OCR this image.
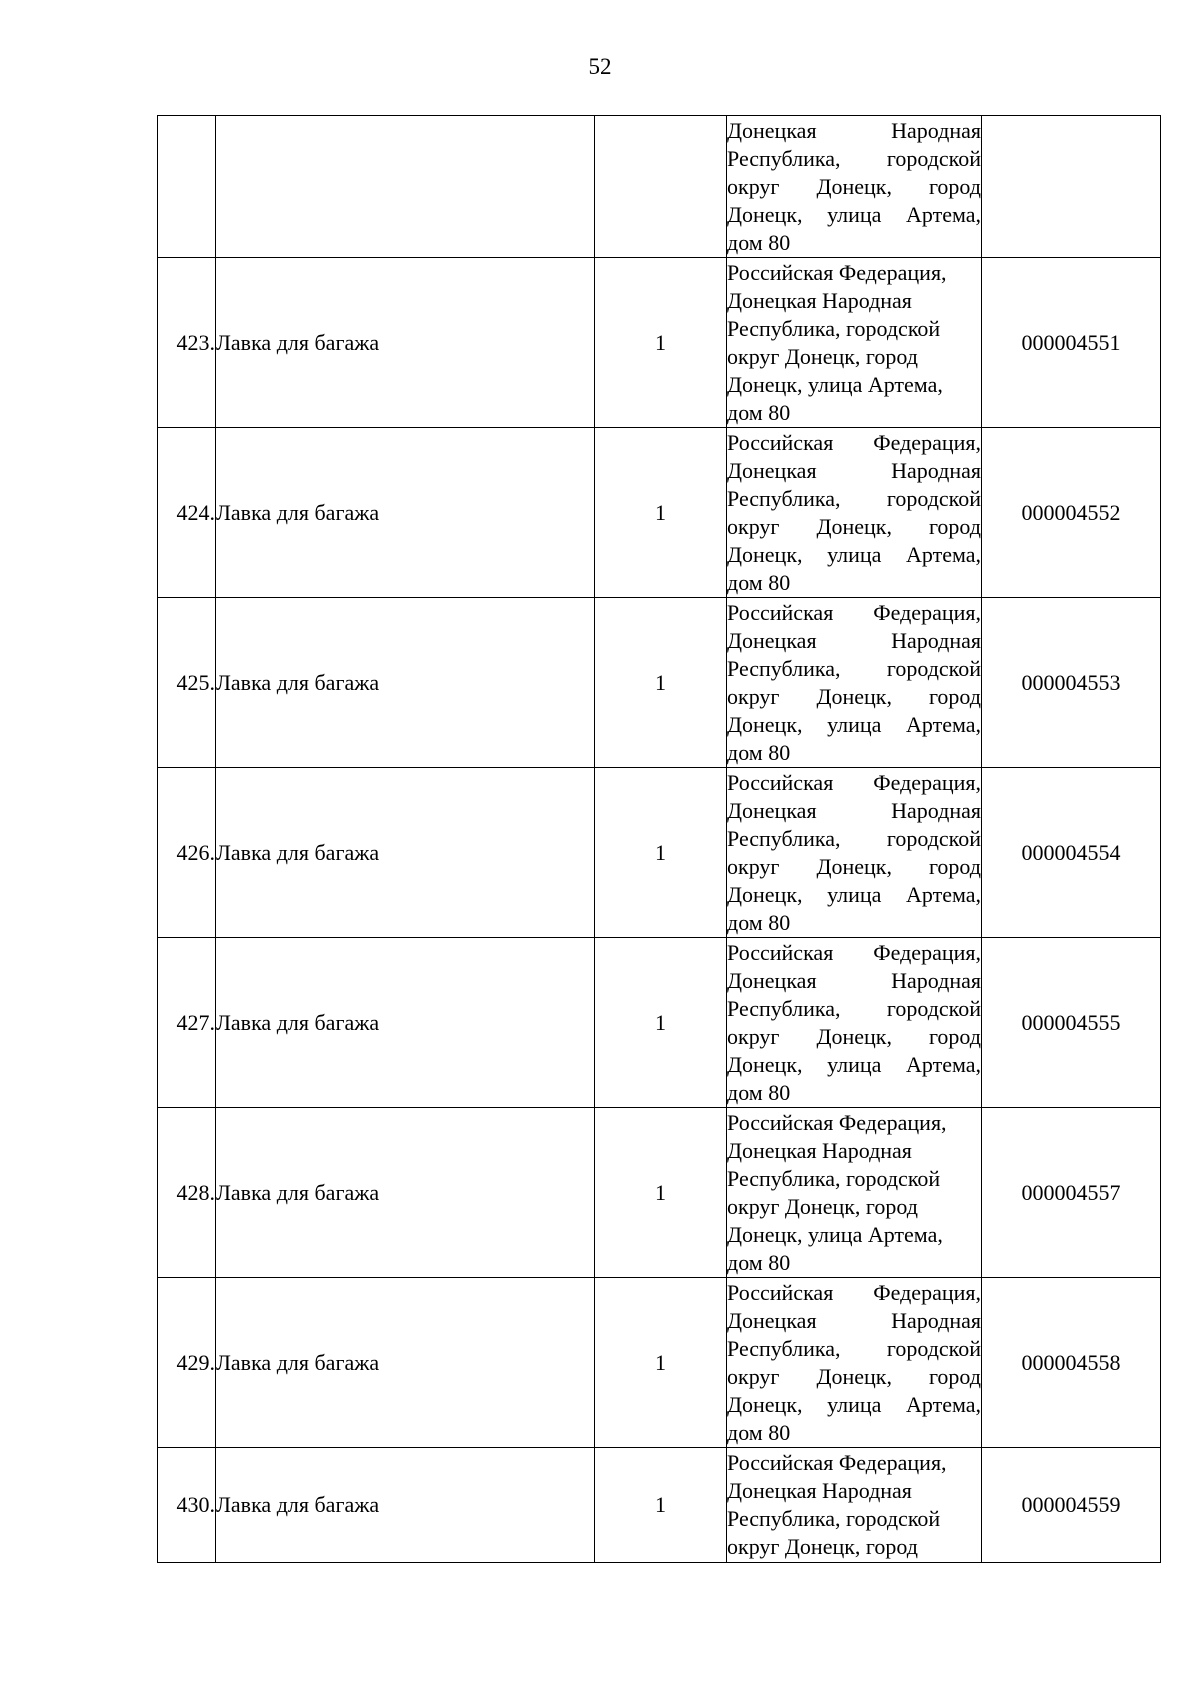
52
			Донецкая Народная Республика, городской округ Донецк, город Донецк, улица Артема, дом 80	
423.	Лавка для багажа	1	Российская Федерация, Донецкая Народная Республика, городской округ Донецк, город Донецк, улица Артема, дом 80	000004551
424.	Лавка для багажа	1	Российская Федерация, Донецкая Народная Республика, городской округ Донецк, город Донецк, улица Артема, дом 80	000004552
425.	Лавка для багажа	1	Российская Федерация, Донецкая Народная Республика, городской округ Донецк, город Донецк, улица Артема, дом 80	000004553
426.	Лавка для багажа	1	Российская Федерация, Донецкая Народная Республика, городской округ Донецк, город Донецк, улица Артема, дом 80	000004554
427.	Лавка для багажа	1	Российская Федерация, Донецкая Народная Республика, городской округ Донецк, город Донецк, улица Артема, дом 80	000004555
428.	Лавка для багажа	1	Российская Федерация, Донецкая Народная Республика, городской округ Донецк, город Донецк, улица Артема, дом 80	000004557
429.	Лавка для багажа	1	Российская Федерация, Донецкая Народная Республика, городской округ Донецк, город Донецк, улица Артема, дом 80	000004558
430.	Лавка для багажа	1	Российская Федерация, Донецкая Народная Республика, городской округ Донецк, город	000004559
